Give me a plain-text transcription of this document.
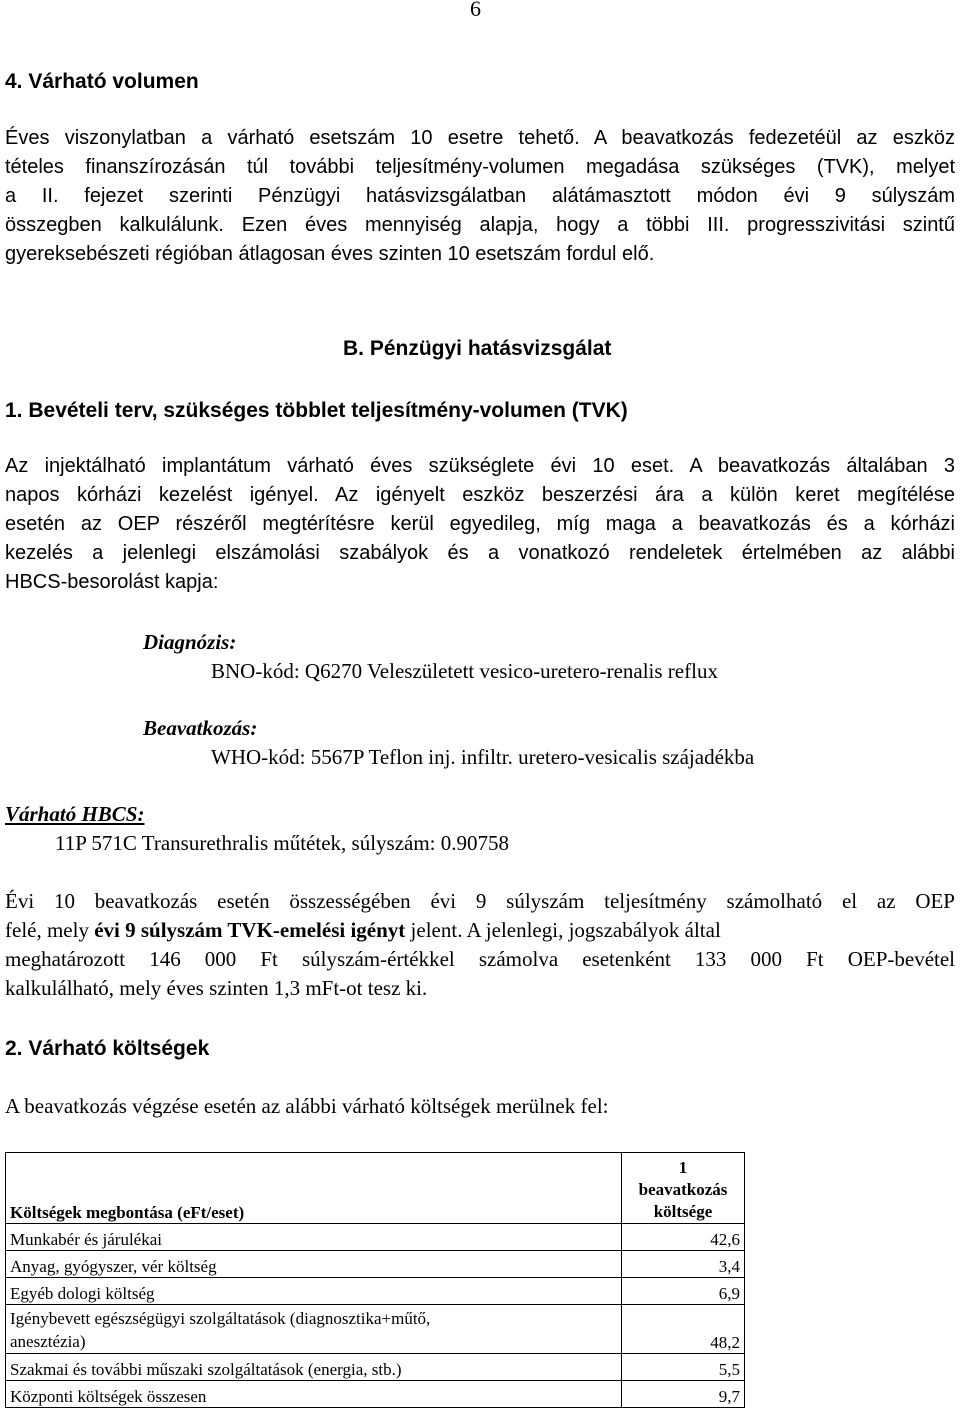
6
4. Várható volumen
Éves viszonylatban a várható esetszám 10 esetre tehető. A beavatkozás fedezetéül az eszköz
tételes finanszírozásán túl további teljesítmény-volumen megadása szükséges (TVK), melyet
a II. fejezet szerinti Pénzügyi hatásvizsgálatban alátámasztott módon évi 9 súlyszám
összegben kalkulálunk. Ezen éves mennyiség alapja, hogy a többi III. progresszivitási szintű
gyereksebészeti régióban átlagosan éves szinten 10 esetszám fordul elő.
B. Pénzügyi hatásvizsgálat
1. Bevételi terv, szükséges többlet teljesítmény-volumen (TVK)
Az injektálható implantátum várható éves szükséglete évi 10 eset. A beavatkozás általában 3
napos kórházi kezelést igényel. Az igényelt eszköz beszerzési ára a külön keret megítélése
esetén az OEP részéről megtérítésre kerül egyedileg, míg maga a beavatkozás és a kórházi
kezelés a jelenlegi elszámolási szabályok és a vonatkozó rendeletek értelmében az alábbi
HBCS-besorolást kapja:
Diagnózis:
BNO-kód: Q6270 Veleszületett vesico-uretero-renalis reflux
Beavatkozás:
WHO-kód: 5567P Teflon inj. infiltr. uretero-vesicalis szájadékba
Várható HBCS:
11P 571C Transurethralis műtétek, súlyszám: 0.90758
Évi 10 beavatkozás esetén összességében évi 9 súlyszám teljesítmény számolható el az OEP
felé, mely évi 9 súlyszám TVK-emelési igényt jelent. A jelenlegi, jogszabályok által
meghatározott 146 000 Ft súlyszám-értékkel számolva esetenként 133 000 Ft OEP-bevétel
kalkulálható, mely éves szinten 1,3 mFt-ot tesz ki.
2. Várható költségek
A beavatkozás végzése esetén az alábbi várható költségek merülnek fel:
Költségek megbontása (eFt/eset)	1
beavatkozás
költsége

Munkabér és járulékai	42,6
Anyag, gyógyszer, vér költség	3,4
Egyéb dologi költség	6,9

Igénybevett egészségügyi szolgáltatások (diagnosztika+műtő,
anesztézia)	48,2
Szakmai és további műszaki szolgáltatások (energia, stb.)	5,5
Központi költségek összesen	9,7
